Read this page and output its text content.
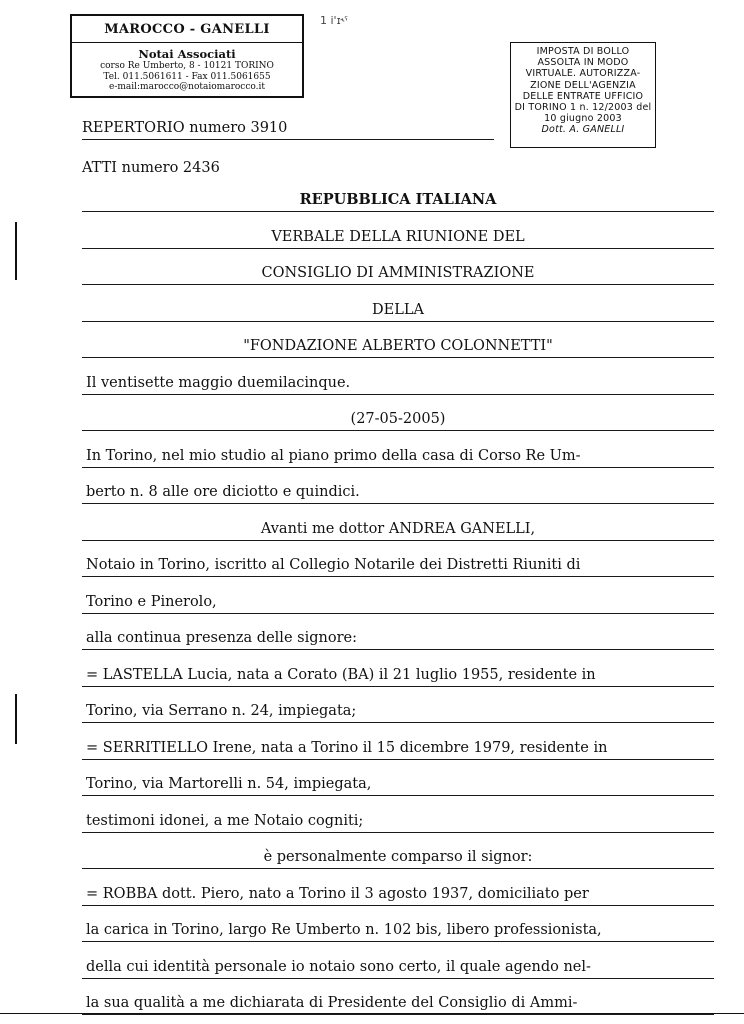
MAROCCO - GANELLI
Notai Associati
corso Re Umberto, 8 - 10121 TORINO
Tel. 011.5061611 - Fax 011.5061655
e-mail:marocco@notaiomarocco.it
1 i'ɪ˞ˁ
IMPOSTA DI BOLLO
ASSOLTA IN MODO
VIRTUALE. AUTORIZZA-
ZIONE DELL'AGENZIA
DELLE ENTRATE UFFICIO
DI TORINO 1 n. 12/2003 del
10 giugno 2003
Dott. A. GANELLI
REPERTORIO numero 3910
ATTI numero 2436
REPUBBLICA ITALIANA
VERBALE DELLA RIUNIONE DEL
CONSIGLIO DI AMMINISTRAZIONE
DELLA
"FONDAZIONE ALBERTO COLONNETTI"
Il ventisette maggio duemilacinque.
(27-05-2005)
In Torino, nel mio studio al piano primo della casa di Corso Re Um-
berto n. 8 alle ore diciotto e quindici.
Avanti me dottor ANDREA GANELLI,
Notaio in Torino, iscritto al Collegio Notarile dei Distretti Riuniti di
Torino e Pinerolo,
alla continua presenza delle signore:
= LASTELLA Lucia, nata a Corato (BA) il 21 luglio 1955, residente in
Torino, via Serrano n. 24, impiegata;
= SERRITIELLO Irene, nata a Torino il 15 dicembre 1979, residente in
Torino, via Martorelli n. 54, impiegata,
testimoni idonei, a me Notaio cogniti;
è personalmente comparso il signor:
= ROBBA dott. Piero, nato a Torino il 3 agosto 1937, domiciliato per
la carica in Torino, largo Re Umberto n. 102 bis, libero professionista,
della cui identità personale io notaio sono certo, il quale agendo nel-
la sua qualità a me dichiarata di Presidente del Consiglio di Ammi-
